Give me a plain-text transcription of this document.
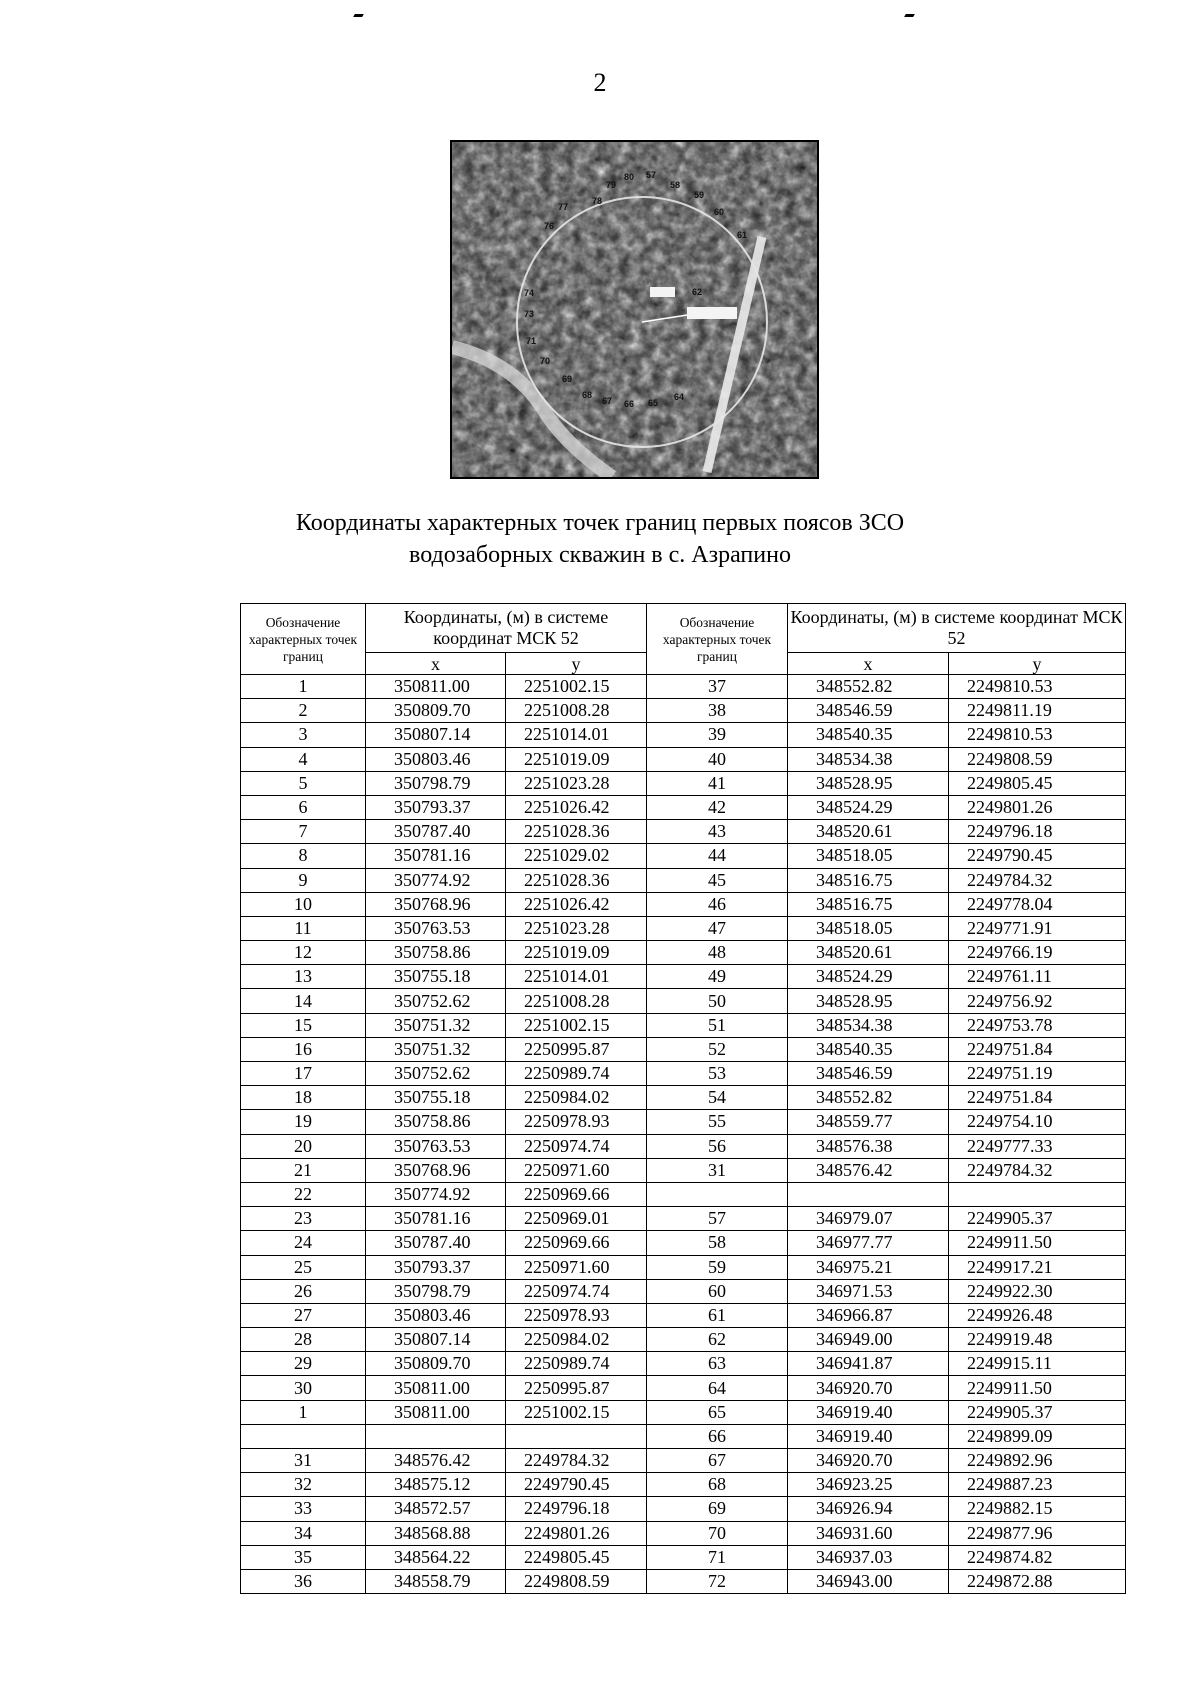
2
78
79
80 57
58
59
60
61
77
76
62
74
73
71
70
69
68
67 66 65
64
Координаты характерных точек границ первых поясов ЗСО
водозаборных скважин в с. Азрапино
Обозначение характерных точек границ	Координаты, (м) в системе координат МСК 52		Обозначение характерных точек границ	Координаты, (м) в системе координат МСК 52	
	x	y		x	y
1	350811.00	2251002.15	37	348552.82	2249810.53
2	350809.70	2251008.28	38	348546.59	2249811.19
3	350807.14	2251014.01	39	348540.35	2249810.53
4	350803.46	2251019.09	40	348534.38	2249808.59
5	350798.79	2251023.28	41	348528.95	2249805.45
6	350793.37	2251026.42	42	348524.29	2249801.26
7	350787.40	2251028.36	43	348520.61	2249796.18
8	350781.16	2251029.02	44	348518.05	2249790.45
9	350774.92	2251028.36	45	348516.75	2249784.32
10	350768.96	2251026.42	46	348516.75	2249778.04
11	350763.53	2251023.28	47	348518.05	2249771.91
12	350758.86	2251019.09	48	348520.61	2249766.19
13	350755.18	2251014.01	49	348524.29	2249761.11
14	350752.62	2251008.28	50	348528.95	2249756.92
15	350751.32	2251002.15	51	348534.38	2249753.78
16	350751.32	2250995.87	52	348540.35	2249751.84
17	350752.62	2250989.74	53	348546.59	2249751.19
18	350755.18	2250984.02	54	348552.82	2249751.84
19	350758.86	2250978.93	55	348559.77	2249754.10
20	350763.53	2250974.74	56	348576.38	2249777.33
21	350768.96	2250971.60	31	348576.42	2249784.32
22	350774.92	2250969.66			
23	350781.16	2250969.01	57	346979.07	2249905.37
24	350787.40	2250969.66	58	346977.77	2249911.50
25	350793.37	2250971.60	59	346975.21	2249917.21
26	350798.79	2250974.74	60	346971.53	2249922.30
27	350803.46	2250978.93	61	346966.87	2249926.48
28	350807.14	2250984.02	62	346949.00	2249919.48
29	350809.70	2250989.74	63	346941.87	2249915.11
30	350811.00	2250995.87	64	346920.70	2249911.50
1	350811.00	2251002.15	65	346919.40	2249905.37
			66	346919.40	2249899.09
31	348576.42	2249784.32	67	346920.70	2249892.96
32	348575.12	2249790.45	68	346923.25	2249887.23
33	348572.57	2249796.18	69	346926.94	2249882.15
34	348568.88	2249801.26	70	346931.60	2249877.96
35	348564.22	2249805.45	71	346937.03	2249874.82
36	348558.79	2249808.59	72	346943.00	2249872.88
